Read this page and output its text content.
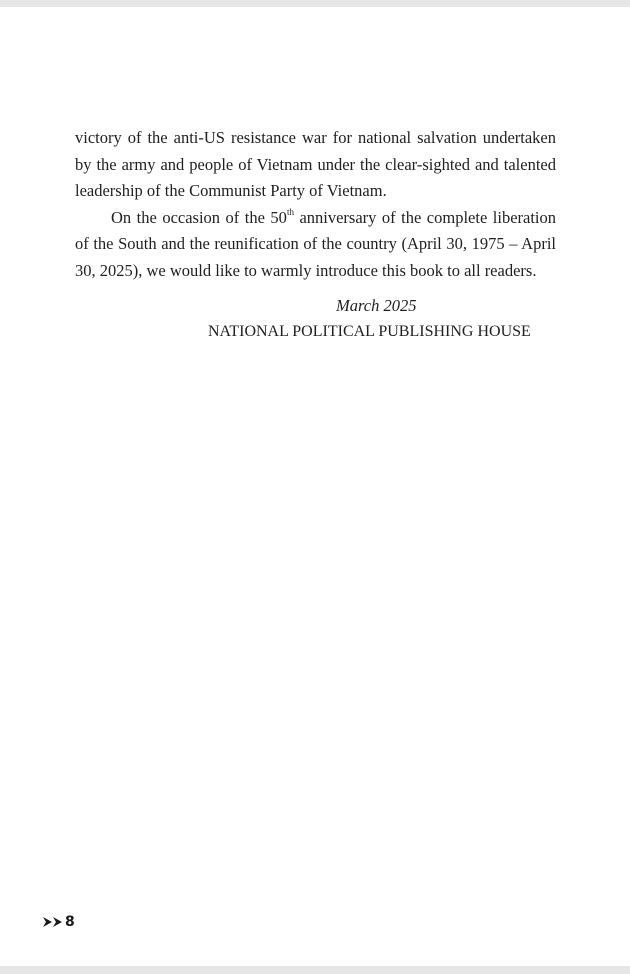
victory of the anti-US resistance war for national salvation undertaken by the army and people of Vietnam under the clear-sighted and talented leadership of the Communist Party of Vietnam.

On the occasion of the 50th anniversary of the complete liberation of the South and the reunification of the country (April 30, 1975 – April 30, 2025), we would like to warmly introduce this book to all readers.

March 2025
NATIONAL POLITICAL PUBLISHING HOUSE
8
